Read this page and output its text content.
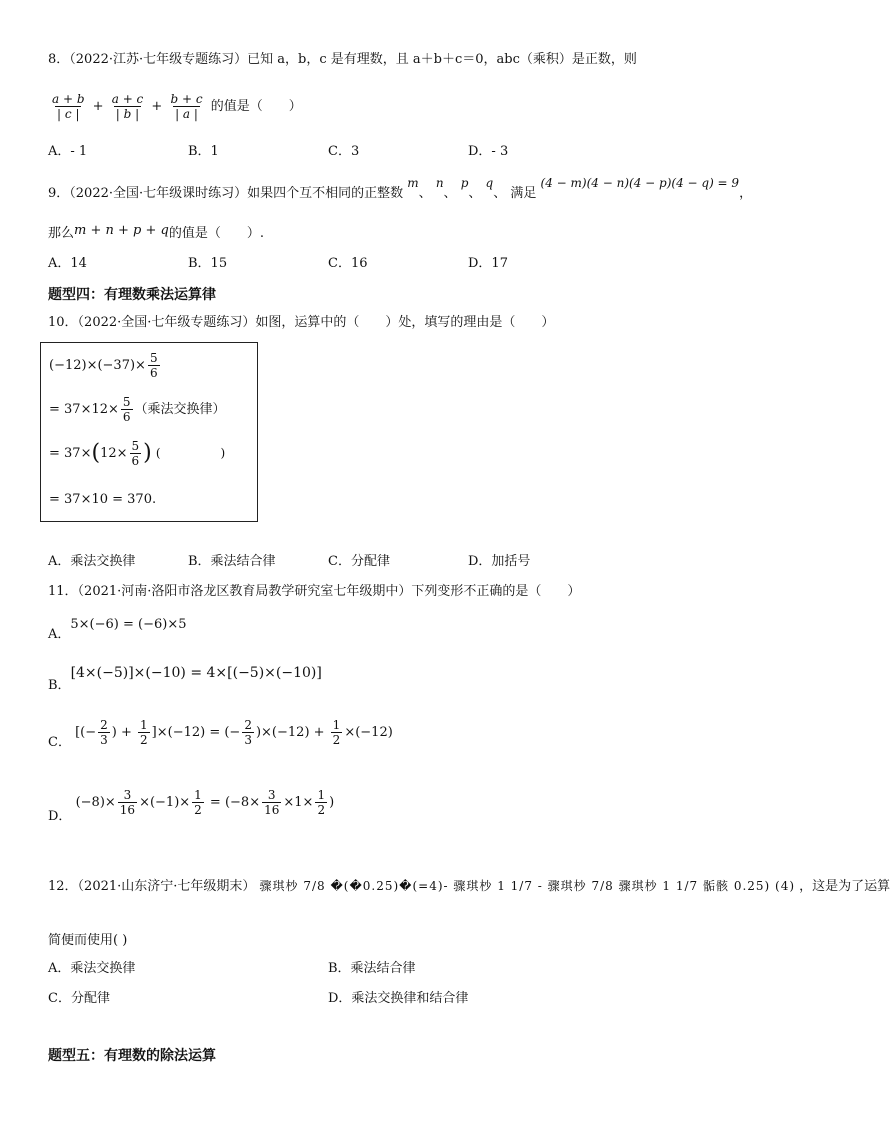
8．（2022·江苏·七年级专题练习）已知 a，b，c 是有理数，且 a＋b＋c＝0，abc（乘积）是正数，则
$\frac{a + b}{| c |} + \frac{a + c}{| b |} + \frac{b + c}{| a |}$ 的值是（　　）
A．- 1	B．1	C．3	D．- 3
9．（2022·全国·七年级课时练习）如果四个互不相同的正整数 m、 n、 p、 q、 满足 (4 − m)(4 − n)(4 − p)(4 − q) = 9，
那么m + n + p + q的值是（　　）.
A．14	B．15	C．16	D．17
题型四：有理数乘法运算律
10．（2022·全国·七年级专题练习）如图，运算中的（　　）处，填写的理由是（　　）
$(-12)\times(-37)\times \frac{5}{6}$
= $37\times 12\times \frac{5}{6}$ （乘法交换律）
= $37\times(12\times \frac{5}{6}$ ) (　　　　　)
= 37×10 = 370.
A．乘法交换律	B．乘法结合律	C．分配律	D．加括号
11．（2021·河南·洛阳市洛龙区教育局教学研究室七年级期中）下列变形不正确的是（　　）
A．5×(−6) = (−6)×5
B．[4×(−5)]×(−10) = 4×[(−5)×(−10)]
C． [(− $\frac{2}{3}$ ) + $\frac{1}{2} ]\times(-12)$ = (− $\frac{2}{3} )\times(-12) + \frac{1}{2} \times(-12)$
D． $(-8)\times \frac{3}{16} \times(-1)\times \frac{1}{2} = (-8\times \frac{3}{16} \times 1\times \frac{1}{2}$ )
12．（2021·山东济宁·七年级期末） 骤琪杪 7/8 �(�0.25)�(=4)- 骤琪杪 1 1/7 - 骤琪杪 7/8 骤琪杪 1 1/7 骺骸 0.25) (4) ，这是为了运算
简便而使用( )
A．乘法交换律	B．乘法结合律
C．分配律	D．乘法交换律和结合律
题型五：有理数的除法运算
